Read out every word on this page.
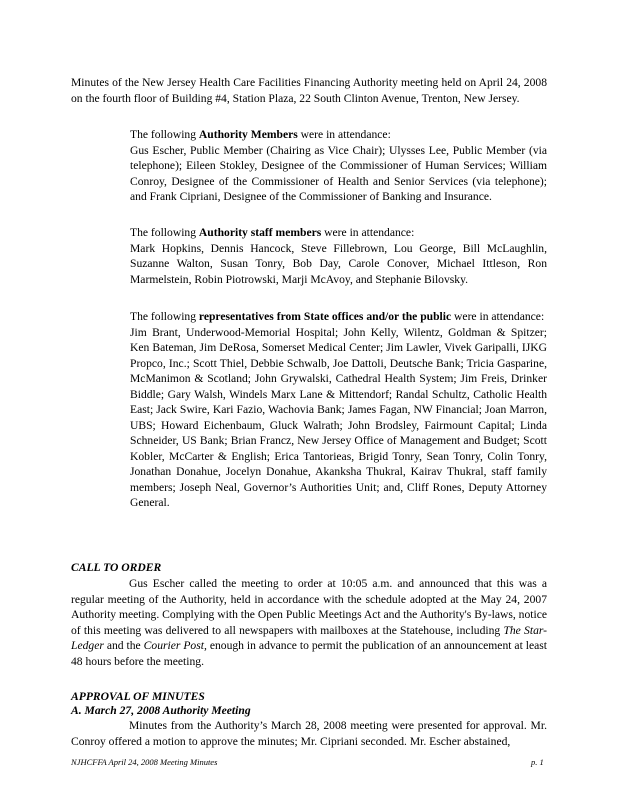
Minutes of the New Jersey Health Care Facilities Financing Authority meeting held on April 24, 2008 on the fourth floor of Building #4, Station Plaza, 22 South Clinton Avenue, Trenton, New Jersey.

The following Authority Members were in attendance:

Gus Escher, Public Member (Chairing as Vice Chair); Ulysses Lee, Public Member (via telephone); Eileen Stokley, Designee of the Commissioner of Human Services; William Conroy, Designee of the Commissioner of Health and Senior Services (via telephone); and Frank Cipriani, Designee of the Commissioner of Banking and Insurance.

The following Authority staff members were in attendance:

Mark Hopkins, Dennis Hancock, Steve Fillebrown, Lou George, Bill McLaughlin, Suzanne Walton, Susan Tonry, Bob Day, Carole Conover, Michael Ittleson, Ron Marmelstein, Robin Piotrowski, Marji McAvoy, and Stephanie Bilovsky.

The following representatives from State offices and/or the public were in attendance:

Jim Brant, Underwood-Memorial Hospital; John Kelly, Wilentz, Goldman & Spitzer; Ken Bateman, Jim DeRosa, Somerset Medical Center; Jim Lawler, Vivek Garipalli, IJKG Propco, Inc.; Scott Thiel, Debbie Schwalb, Joe Dattoli, Deutsche Bank; Tricia Gasparine, McManimon & Scotland; John Grywalski, Cathedral Health System; Jim Freis, Drinker Biddle; Gary Walsh, Windels Marx Lane & Mittendorf; Randal Schultz, Catholic Health East; Jack Swire, Kari Fazio, Wachovia Bank; James Fagan, NW Financial; Joan Marron, UBS; Howard Eichenbaum, Gluck Walrath; John Brodsley, Fairmount Capital; Linda Schneider, US Bank; Brian Francz, New Jersey Office of Management and Budget; Scott Kobler, McCarter & English; Erica Tantorieas, Brigid Tonry, Sean Tonry, Colin Tonry, Jonathan Donahue, Jocelyn Donahue, Akanksha Thukral, Kairav Thukral, staff family members; Joseph Neal, Governor’s Authorities Unit; and, Cliff Rones, Deputy Attorney General.

CALL TO ORDER

Gus Escher called the meeting to order at 10:05 a.m. and announced that this was a regular meeting of the Authority, held in accordance with the schedule adopted at the May 24, 2007 Authority meeting. Complying with the Open Public Meetings Act and the Authority's By-laws, notice of this meeting was delivered to all newspapers with mailboxes at the Statehouse, including The Star-Ledger and the Courier Post, enough in advance to permit the publication of an announcement at least 48 hours before the meeting.

APPROVAL OF MINUTES
A. March 27, 2008 Authority Meeting

Minutes from the Authority’s March 28, 2008 meeting were presented for approval. Mr. Conroy offered a motion to approve the minutes; Mr. Cipriani seconded. Mr. Escher abstained,

NJHCFFA April 24, 2008 Meeting Minutes	p. 1
